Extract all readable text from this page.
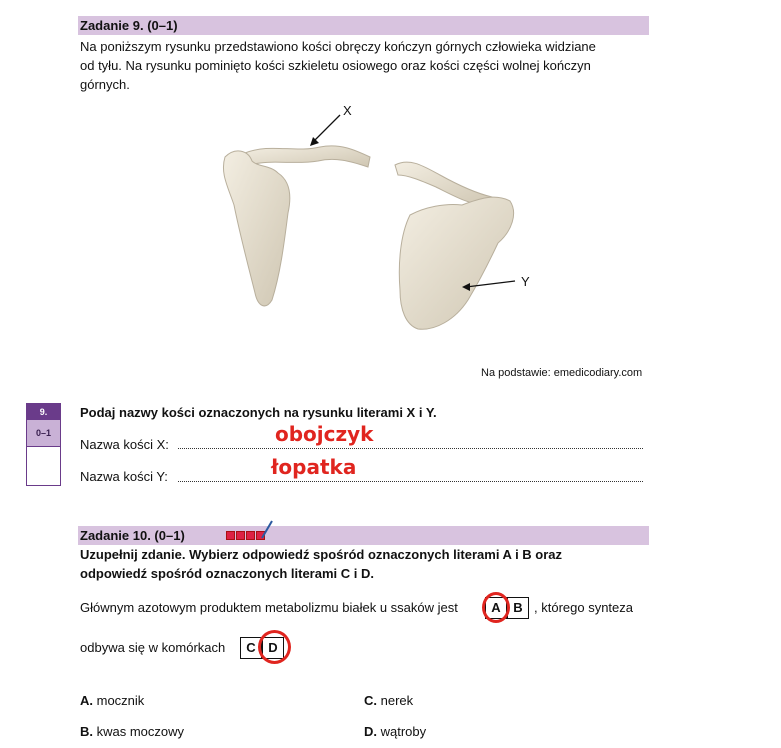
Zadanie 9. (0–1)
Na poniższym rysunku przedstawiono kości obręczy kończyn górnych człowieka widziane
od tyłu. Na rysunku pominięto kości szkieletu osiowego oraz kości części wolnej kończyn
górnych.
X
Y
Na podstawie: emedicodiary.com
9.
0–1
Podaj nazwy kości oznaczonych na rysunku literami X i Y.
Nazwa kości X:	obojczyk
Nazwa kości Y:	łopatka
Zadanie 10. (0–1)
Uzupełnij zdanie. Wybierz odpowiedź spośród oznaczonych literami A i B oraz
odpowiedź spośród oznaczonych literami C i D.
Głównym azotowym produktem metabolizmu białek u ssaków jest	A B , którego synteza
odbywa się w komórkach	C D
A. mocznik	C. nerek
B. kwas moczowy	D. wątroby
